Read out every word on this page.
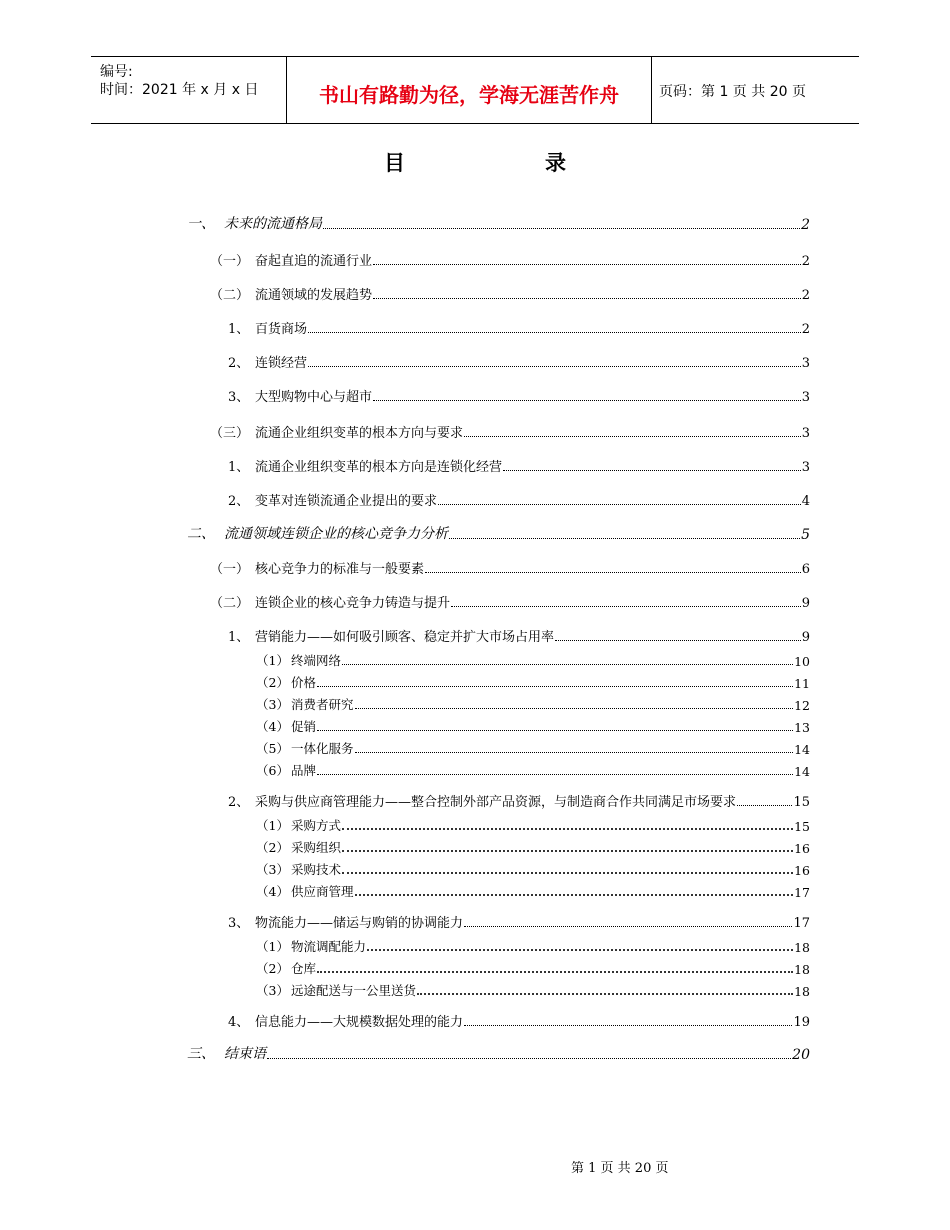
编号:
时间：2021 年 x 月 x 日	书山有路勤为径，学海无涯苦作舟	页码：第 1 页 共 20 页
目	录
一、 未来的流通格局	2
（一） 奋起直追的流通行业	2
（二） 流通领域的发展趋势	2
1、 百货商场	2
2、 连锁经营	3
3、 大型购物中心与超市	3
（三） 流通企业组织变革的根本方向与要求	3
1、 流通企业组织变革的根本方向是连锁化经营	3
2、 变革对连锁流通企业提出的要求	4
二、 流通领域连锁企业的核心竞争力分析	5
（一） 核心竞争力的标准与一般要素	6
（二） 连锁企业的核心竞争力铸造与提升	9
1、 营销能力——如何吸引顾客、稳定并扩大市场占用率	9
（1） 终端网络	10
（2） 价格	11
（3） 消费者研究	12
（4） 促销	13
（5） 一体化服务	14
（6） 品牌	14
2、 采购与供应商管理能力——整合控制外部产品资源，与制造商合作共同满足市场要求	15
（1） 采购方式	15
（2） 采购组织	16
（3） 采购技术	16
（4） 供应商管理	17
3、 物流能力——储运与购销的协调能力	17
（1） 物流调配能力	18
（2） 仓库	18
（3） 远途配送与一公里送货	18
4、 信息能力——大规模数据处理的能力	19
三、 结束语	20
第 1 页 共 20 页
